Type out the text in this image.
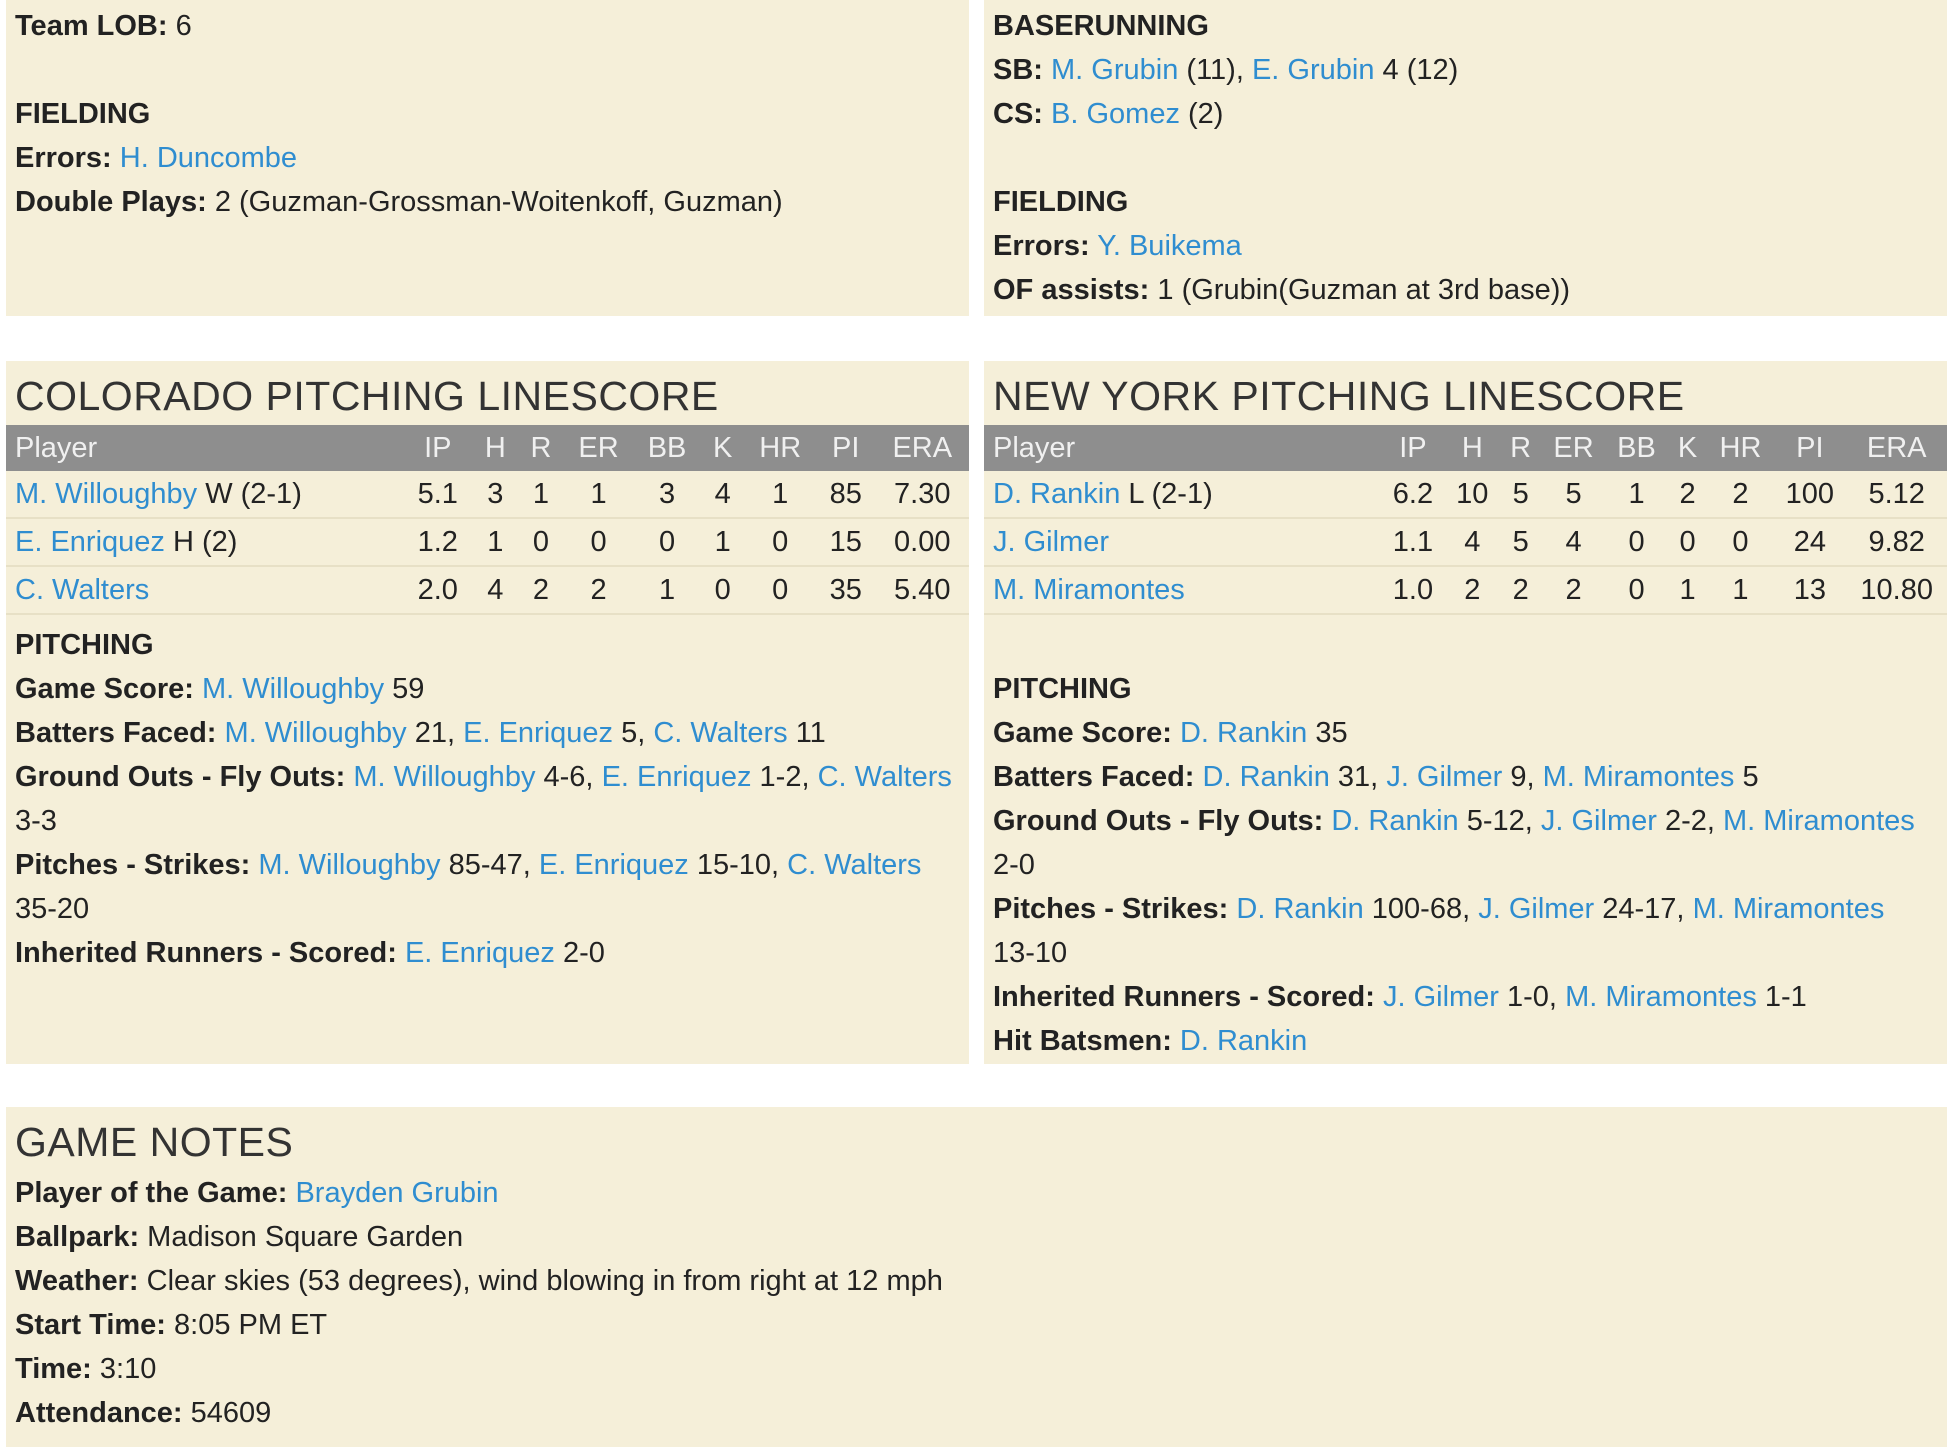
Team LOB: 6
FIELDING
Errors: H. Duncombe
Double Plays: 2 (Guzman-Grossman-Woitenkoff, Guzman)
BASERUNNING
SB: M. Grubin (11), E. Grubin 4 (12)
CS: B. Gomez (2)
FIELDING
Errors: Y. Buikema
OF assists: 1 (Grubin(Guzman at 3rd base))
COLORADO PITCHING LINESCORE
Player	IP	H	R	ER	BB	K	HR	PI	ERA
M. Willoughby W (2-1)	5.1	3	1	1	3	4	1	85	7.30
E. Enriquez H (2)	1.2	1	0	0	0	1	0	15	0.00
C. Walters	2.0	4	2	2	1	0	0	35	5.40
PITCHING
Game Score: M. Willoughby 59
Batters Faced: M. Willoughby 21, E. Enriquez 5, C. Walters 11
Ground Outs - Fly Outs: M. Willoughby 4-6, E. Enriquez 1-2, C. Walters
3-3
Pitches - Strikes: M. Willoughby 85-47, E. Enriquez 15-10, C. Walters
35-20
Inherited Runners - Scored: E. Enriquez 2-0
NEW YORK PITCHING LINESCORE
Player	IP	H	R	ER	BB	K	HR	PI	ERA
D. Rankin L (2-1)	6.2	10	5	5	1	2	2	100	5.12
J. Gilmer	1.1	4	5	4	0	0	0	24	9.82
M. Miramontes	1.0	2	2	2	0	1	1	13	10.80
PITCHING
Game Score: D. Rankin 35
Batters Faced: D. Rankin 31, J. Gilmer 9, M. Miramontes 5
Ground Outs - Fly Outs: D. Rankin 5-12, J. Gilmer 2-2, M. Miramontes
2-0
Pitches - Strikes: D. Rankin 100-68, J. Gilmer 24-17, M. Miramontes
13-10
Inherited Runners - Scored: J. Gilmer 1-0, M. Miramontes 1-1
Hit Batsmen: D. Rankin
GAME NOTES
Player of the Game: Brayden Grubin
Ballpark: Madison Square Garden
Weather: Clear skies (53 degrees), wind blowing in from right at 12 mph
Start Time: 8:05 PM ET
Time: 3:10
Attendance: 54609
